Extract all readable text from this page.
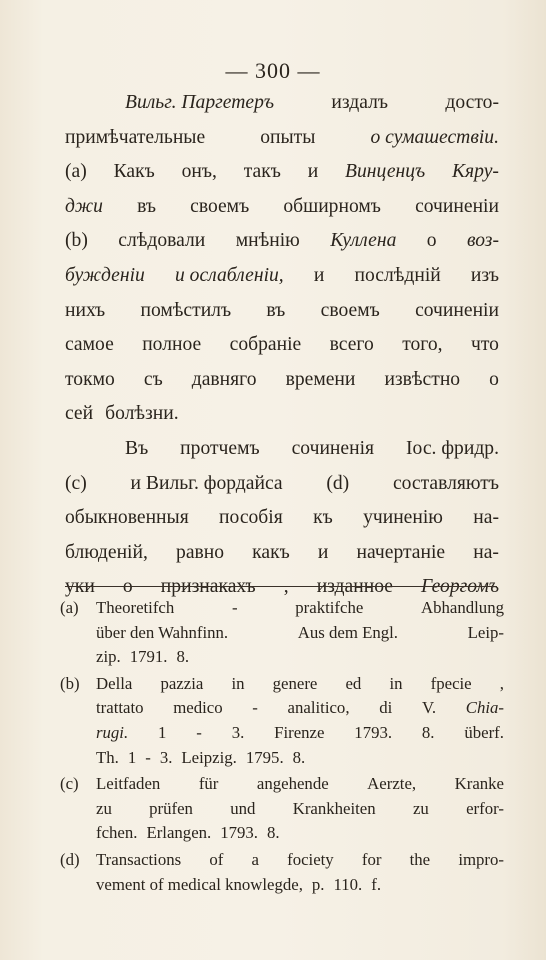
— 300 —
Вильг. Паргетеръ	издалъ	досто-
примѣчательные	опыты	о сумашествіи.
(a) Какъ онъ, такъ и Винценцъ Кяру-
джи въ своемъ обширномъ сочиненіи
(b) слѣдовали мнѣнію Куллена о воз-
бужденіи и ослабленіи, и послѣдній изъ
нихъ помѣстилъ въ своемъ сочиненіи
самое полное собраніе всего того, что
токмо съ давняго времени извѣстно о
сей болѣзни.
Въ протчемъ сочиненія Іос. фридр.
(c) и Вильг. фордайса (d) составляютъ
обыкновенныя пособія къ учиненію на-
блюденій, равно какъ и начертаніе на-
уки о признакахъ , изданное Георгомъ
(a)	Theoretifch	-	praktifche	Abhandlung
über den Wahnfinn.	Aus dem Engl.	Leip-
zip. 1791. 8.
(b) Della pazzia in genere ed in fpecie ,
trattato medico - analitico, di V. Chia-
rugi. 1 - 3. Firenze 1793. 8. überf.
Th. 1 - 3. Leipzig. 1795. 8.
(c)	Leitfaden für angehende Aerzte, Kranke
zu prüfen und Krankheiten zu erfor-
fchen. Erlangen. 1793. 8.
(d) Transactions of a fociety for the impro-
vement of medical knowlegde, p. 110. f.
